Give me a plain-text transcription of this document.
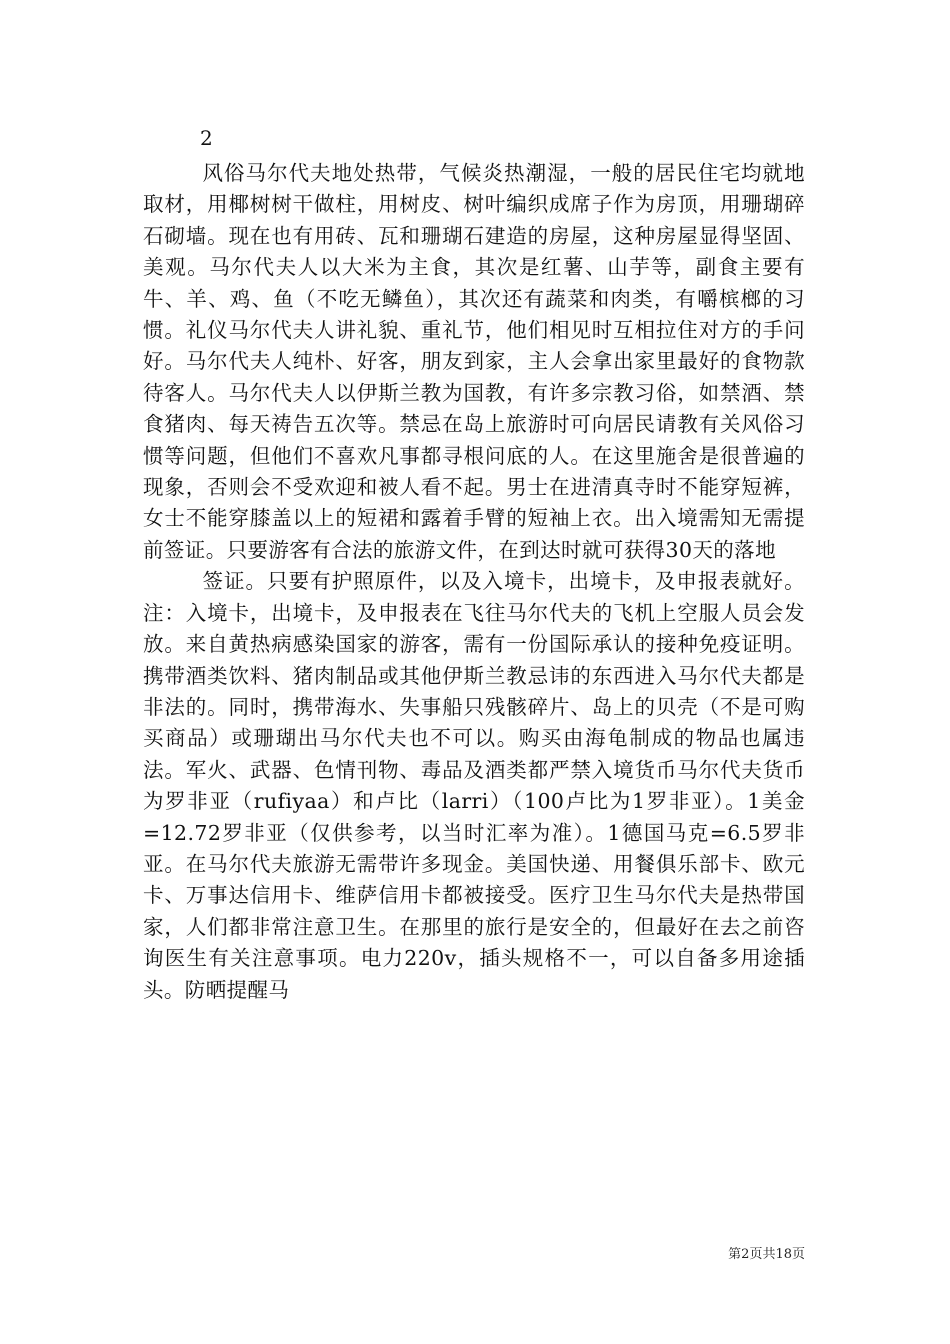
2

风俗马尔代夫地处热带，气候炎热潮湿，一般的居民住宅均就地取材，用椰树树干做柱，用树皮、树叶编织成席子作为房顶，用珊瑚碎石砌墙。现在也有用砖、瓦和珊瑚石建造的房屋，这种房屋显得坚固、美观。马尔代夫人以大米为主食，其次是红薯、山芋等，副食主要有牛、羊、鸡、鱼（不吃无鳞鱼），其次还有蔬菜和肉类，有嚼槟榔的习惯。礼仪马尔代夫人讲礼貌、重礼节，他们相见时互相拉住对方的手问好。马尔代夫人纯朴、好客，朋友到家，主人会拿出家里最好的食物款待客人。马尔代夫人以伊斯兰教为国教，有许多宗教习俗，如禁酒、禁食猪肉、每天祷告五次等。禁忌在岛上旅游时可向居民请教有关风俗习惯等问题，但他们不喜欢凡事都寻根问底的人。在这里施舍是很普遍的现象，否则会不受欢迎和被人看不起。男士在进清真寺时不能穿短裤，女士不能穿膝盖以上的短裙和露着手臂的短袖上衣。出入境需知无需提前签证。只要游客有合法的旅游文件，在到达时就可获得30天的落地

签证。只要有护照原件，以及入境卡，出境卡，及申报表就好。注：入境卡，出境卡，及申报表在飞往马尔代夫的飞机上空服人员会发放。来自黄热病感染国家的游客，需有一份国际承认的接种免疫证明。携带酒类饮料、猪肉制品或其他伊斯兰教忌讳的东西进入马尔代夫都是非法的。同时，携带海水、失事船只残骸碎片、岛上的贝壳（不是可购买商品）或珊瑚出马尔代夫也不可以。购买由海龟制成的物品也属违法。军火、武器、色情刊物、毒品及酒类都严禁入境货币马尔代夫货币为罗非亚（rufiyaa）和卢比（larri）（100卢比为1罗非亚）。1美金=12.72罗非亚（仅供参考，以当时汇率为准）。1德国马克=6.5罗非亚。在马尔代夫旅游无需带许多现金。美国快递、用餐俱乐部卡、欧元卡、万事达信用卡、维萨信用卡都被接受。医疗卫生马尔代夫是热带国家，人们都非常注意卫生。在那里的旅行是安全的，但最好在去之前咨询医生有关注意事项。电力220v，插头规格不一，可以自备多用途插头。防晒提醒马

第2页共18页
